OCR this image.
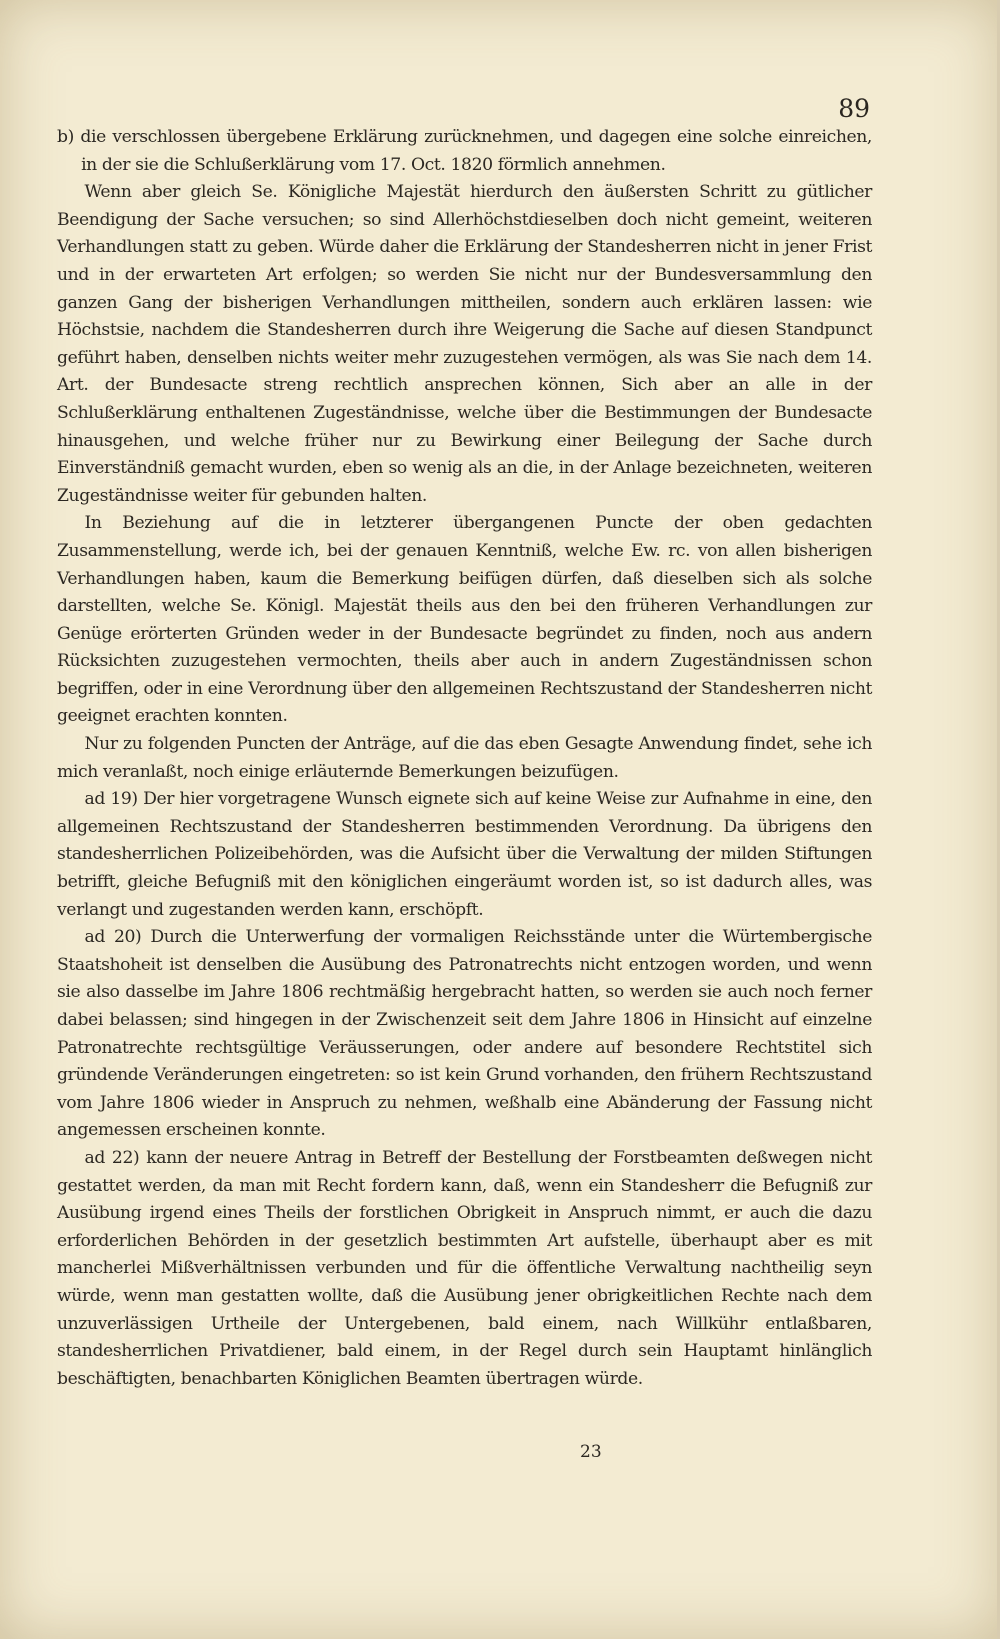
89

b) die verschlossen übergebene Erklärung zurücknehmen, und dagegen eine solche einreichen, in der sie die Schlußerklärung vom 17. Oct. 1820 förmlich annehmen.

Wenn aber gleich Se. Königliche Majestät hierdurch den äußersten Schritt zu gütlicher Beendigung der Sache versuchen; so sind Allerhöchstdieselben doch nicht gemeint, weiteren Verhandlungen statt zu geben. Würde daher die Erklärung der Standesherren nicht in jener Frist und in der erwarteten Art erfolgen; so werden Sie nicht nur der Bundesversammlung den ganzen Gang der bisherigen Verhandlungen mittheilen, sondern auch erklären lassen: wie Höchstsie, nachdem die Standesherren durch ihre Weigerung die Sache auf diesen Standpunct geführt haben, denselben nichts weiter mehr zuzugestehen vermögen, als was Sie nach dem 14. Art. der Bundesacte streng rechtlich ansprechen können, Sich aber an alle in der Schlußerklärung enthaltenen Zugeständnisse, welche über die Bestimmungen der Bundesacte hinausgehen, und welche früher nur zu Bewirkung einer Beilegung der Sache durch Einverständniß gemacht wurden, eben so wenig als an die, in der Anlage bezeichneten, weiteren Zugeständnisse weiter für gebunden halten.

In Beziehung auf die in letzterer übergangenen Puncte der oben gedachten Zusammenstellung, werde ich, bei der genauen Kenntniß, welche Ew. rc. von allen bisherigen Verhandlungen haben, kaum die Bemerkung beifügen dürfen, daß dieselben sich als solche darstellten, welche Se. Königl. Majestät theils aus den bei den früheren Verhandlungen zur Genüge erörterten Gründen weder in der Bundesacte begründet zu finden, noch aus andern Rücksichten zuzugestehen vermochten, theils aber auch in andern Zugeständnissen schon begriffen, oder in eine Verordnung über den allgemeinen Rechtszustand der Standesherren nicht geeignet erachten konnten.

Nur zu folgenden Puncten der Anträge, auf die das eben Gesagte Anwendung findet, sehe ich mich veranlaßt, noch einige erläuternde Bemerkungen beizufügen.

ad 19) Der hier vorgetragene Wunsch eignete sich auf keine Weise zur Aufnahme in eine, den allgemeinen Rechtszustand der Standesherren bestimmenden Verordnung. Da übrigens den standesherrlichen Polizeibehörden, was die Aufsicht über die Verwaltung der milden Stiftungen betrifft, gleiche Befugniß mit den königlichen eingeräumt worden ist, so ist dadurch alles, was verlangt und zugestanden werden kann, erschöpft.

ad 20) Durch die Unterwerfung der vormaligen Reichsstände unter die Würtembergische Staatshoheit ist denselben die Ausübung des Patronatrechts nicht entzogen worden, und wenn sie also dasselbe im Jahre 1806 rechtmäßig hergebracht hatten, so werden sie auch noch ferner dabei belassen; sind hingegen in der Zwischenzeit seit dem Jahre 1806 in Hinsicht auf einzelne Patronatrechte rechtsgültige Veräusserungen, oder andere auf besondere Rechtstitel sich gründende Veränderungen eingetreten: so ist kein Grund vorhanden, den frühern Rechtszustand vom Jahre 1806 wieder in Anspruch zu nehmen, weßhalb eine Abänderung der Fassung nicht angemessen erscheinen konnte.

ad 22) kann der neuere Antrag in Betreff der Bestellung der Forstbeamten deßwegen nicht gestattet werden, da man mit Recht fordern kann, daß, wenn ein Standesherr die Befugniß zur Ausübung irgend eines Theils der forstlichen Obrigkeit in Anspruch nimmt, er auch die dazu erforderlichen Behörden in der gesetzlich bestimmten Art aufstelle, überhaupt aber es mit mancherlei Mißverhältnissen verbunden und für die öffentliche Verwaltung nachtheilig seyn würde, wenn man gestatten wollte, daß die Ausübung jener obrigkeitlichen Rechte nach dem unzuverlässigen Urtheile der Untergebenen, bald einem, nach Willkühr entlaßbaren, standesherrlichen Privatdiener, bald einem, in der Regel durch sein Hauptamt hinlänglich beschäftigten, benachbarten Königlichen Beamten übertragen würde.

23
